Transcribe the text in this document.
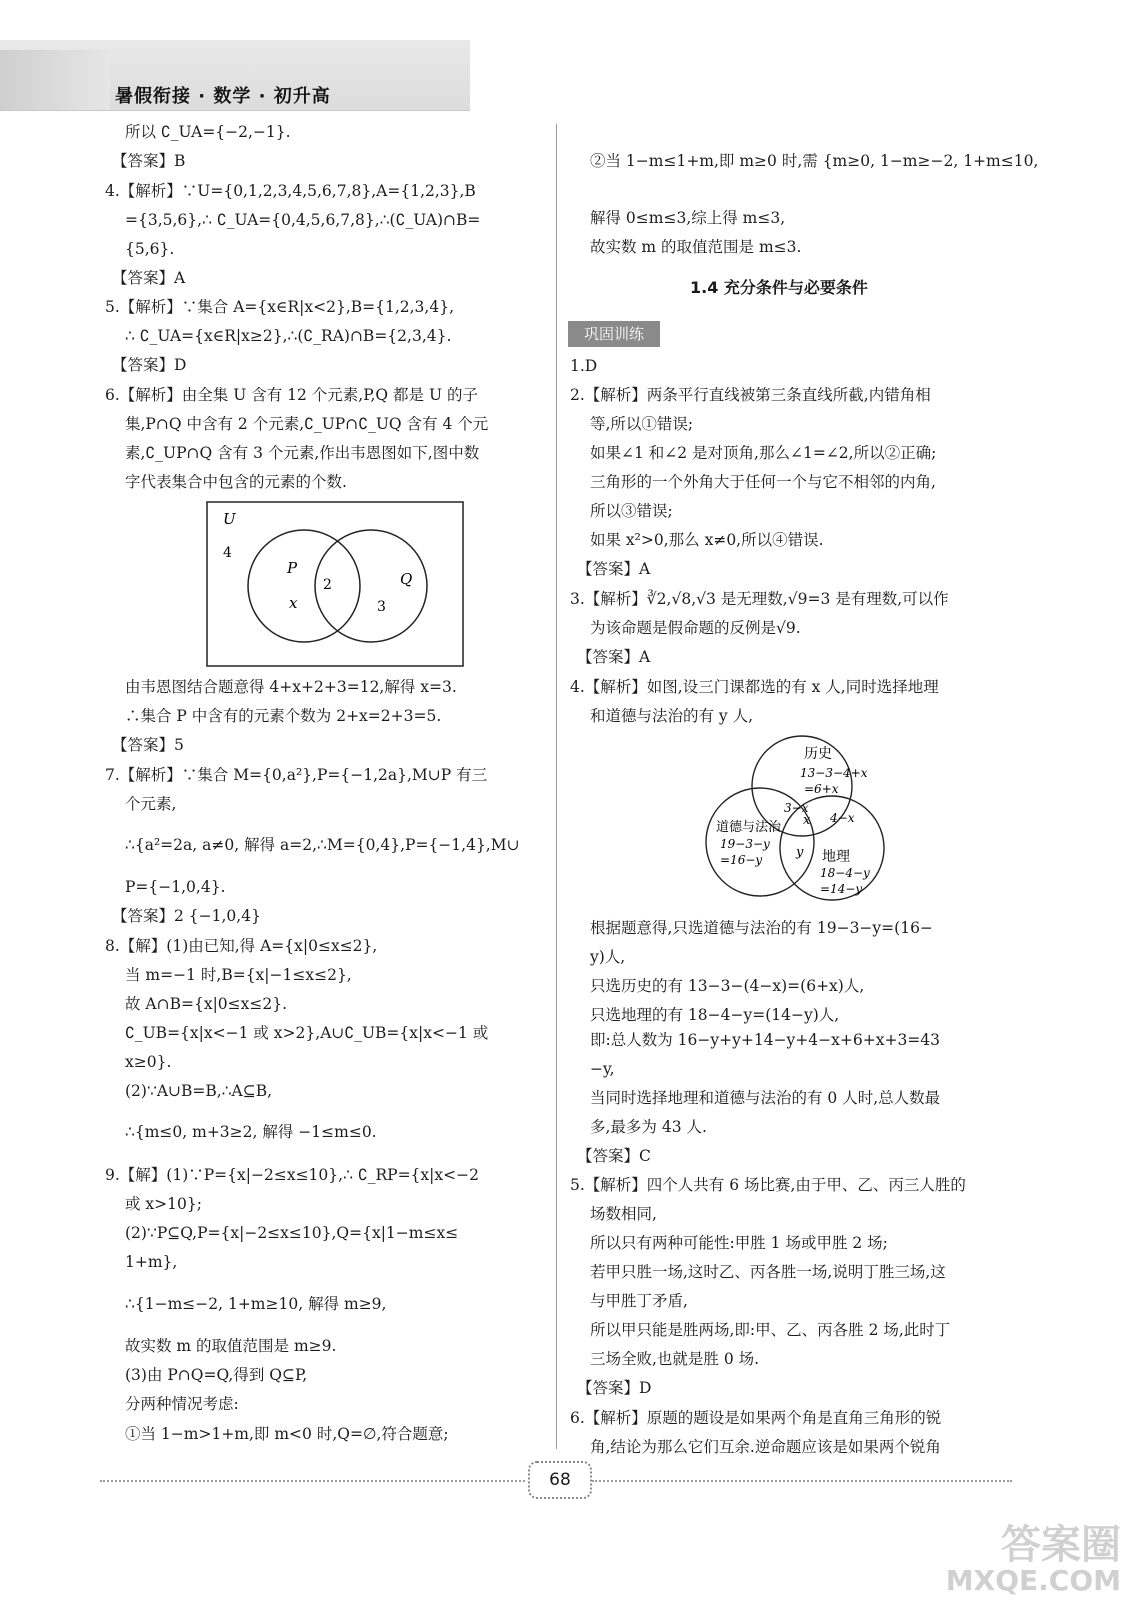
暑假衔接 · 数学 · 初升高
所以 ∁_UA={−2,−1}.
【答案】B
4.【解析】∵U={0,1,2,3,4,5,6,7,8},A={1,2,3},B
={3,5,6},∴ ∁_UA={0,4,5,6,7,8},∴(∁_UA)∩B=
{5,6}.
【答案】A
5.【解析】∵集合 A={x∈R|x<2},B={1,2,3,4},
∴ ∁_UA={x∈R|x≥2},∴(∁_RA)∩B={2,3,4}.
【答案】D
6.【解析】由全集 U 含有 12 个元素,P,Q 都是 U 的子
集,P∩Q 中含有 2 个元素,∁_UP∩∁_UQ 含有 4 个元
素,∁_UP∩Q 含有 3 个元素,作出韦恩图如下,图中数
字代表集合中包含的元素的个数.
U
4
P
x
2	Q
3
由韦恩图结合题意得 4+x+2+3=12,解得 x=3.
∴集合 P 中含有的元素个数为 2+x=2+3=5.
【答案】5
7.【解析】∵集合 M={0,a²},P={−1,2a},M∪P 有三
个元素,
∴{a²=2a, a≠0, 解得 a=2,∴M={0,4},P={−1,4},M∪
P={−1,0,4}.
【答案】2 {−1,0,4}
8.【解】(1)由已知,得 A={x|0≤x≤2},
当 m=−1 时,B={x|−1≤x≤2},
故 A∩B={x|0≤x≤2}.
∁_UB={x|x<−1 或 x>2},A∪∁_UB={x|x<−1 或
x≥0}.
(2)∵A∪B=B,∴A⊆B,
∴{m≤0, m+3≥2, 解得 −1≤m≤0.
9.【解】(1)∵P={x|−2≤x≤10},∴ ∁_RP={x|x<−2
或 x>10};
(2)∵P⊆Q,P={x|−2≤x≤10},Q={x|1−m≤x≤
1+m},
∴{1−m≤−2, 1+m≥10, 解得 m≥9,
故实数 m 的取值范围是 m≥9.
(3)由 P∩Q=Q,得到 Q⊆P,
分两种情况考虑:
①当 1−m>1+m,即 m<0 时,Q=∅,符合题意;
②当 1−m≤1+m,即 m≥0 时,需 {m≥0, 1−m≥−2, 1+m≤10,
解得 0≤m≤3,综上得 m≤3,
故实数 m 的取值范围是 m≤3.
1.4 充分条件与必要条件
巩固训练
1.D
2.【解析】两条平行直线被第三条直线所截,内错角相
等,所以①错误;
如果∠1 和∠2 是对顶角,那么∠1=∠2,所以②正确;
三角形的一个外角大于任何一个与它不相邻的内角,
所以③错误;
如果 x²>0,那么 x≠0,所以④错误.
【答案】A
3.【解析】∛2,√8,√3 是无理数,√9=3 是有理数,可以作
为该命题是假命题的反例是√9.
【答案】A
4.【解析】如图,设三门课都选的有 x 人,同时选择地理
和道德与法治的有 y 人,
历史
13−3−4+x
=6+x
3−x
x 4−x
道德与法治
19−3−y
=16−y	y 地理
18−4−y
=14−y
根据题意得,只选道德与法治的有 19−3−y=(16−
y)人,
只选历史的有 13−3−(4−x)=(6+x)人,
只选地理的有 18−4−y=(14−y)人,
即:总人数为 16−y+y+14−y+4−x+6+x+3=43
−y,
当同时选择地理和道德与法治的有 0 人时,总人数最
多,最多为 43 人.
【答案】C
5.【解析】四个人共有 6 场比赛,由于甲、乙、丙三人胜的
场数相同,
所以只有两种可能性:甲胜 1 场或甲胜 2 场;
若甲只胜一场,这时乙、丙各胜一场,说明丁胜三场,这
与甲胜丁矛盾,
所以甲只能是胜两场,即:甲、乙、丙各胜 2 场,此时丁
三场全败,也就是胜 0 场.
【答案】D
6.【解析】原题的题设是如果两个角是直角三角形的锐
角,结论为那么它们互余.逆命题应该是如果两个锐角
68
答案圈
MXQE.COM
